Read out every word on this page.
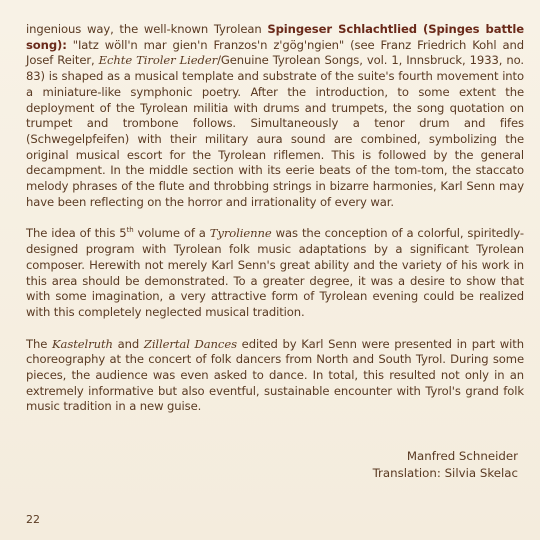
ingenious way, the well-known Tyrolean Spingeser Schlachtlied (Spinges battle song): "Iatz wöll'n mar gien'n Franzos'n z'gög'ngien" (see Franz Friedrich Kohl and Josef Reiter, Echte Tiroler Lieder/Genuine Tyrolean Songs, vol. 1, Innsbruck, 1933, no. 83) is shaped as a musical template and substrate of the suite's fourth movement into a miniature-like symphonic poetry. After the introduction, to some extent the deployment of the Tyrolean militia with drums and trumpets, the song quotation on trumpet and trombone follows. Simultaneously a tenor drum and fifes (Schwegelpfeifen) with their military aura sound are combined, symbolizing the original musical escort for the Tyrolean riflemen. This is followed by the general decampment. In the middle section with its eerie beats of the tom-tom, the staccato melody phrases of the flute and throbbing strings in bizarre harmonies, Karl Senn may have been reflecting on the horror and irrationality of every war.

The idea of this 5th volume of a Tyrolienne was the conception of a colorful, spiritedly-designed program with Tyrolean folk music adaptations by a significant Tyrolean composer. Herewith not merely Karl Senn's great ability and the variety of his work in this area should be demonstrated. To a greater degree, it was a desire to show that with some imagination, a very attractive form of Tyrolean evening could be realized with this completely neglected musical tradition.

The Kastelruth and Zillertal Dances edited by Karl Senn were presented in part with choreography at the concert of folk dancers from North and South Tyrol. During some pieces, the audience was even asked to dance. In total, this resulted not only in an extremely informative but also eventful, sustainable encounter with Tyrol's grand folk music tradition in a new guise.

Manfred Schneider
Translation: Silvia Skelac
22
